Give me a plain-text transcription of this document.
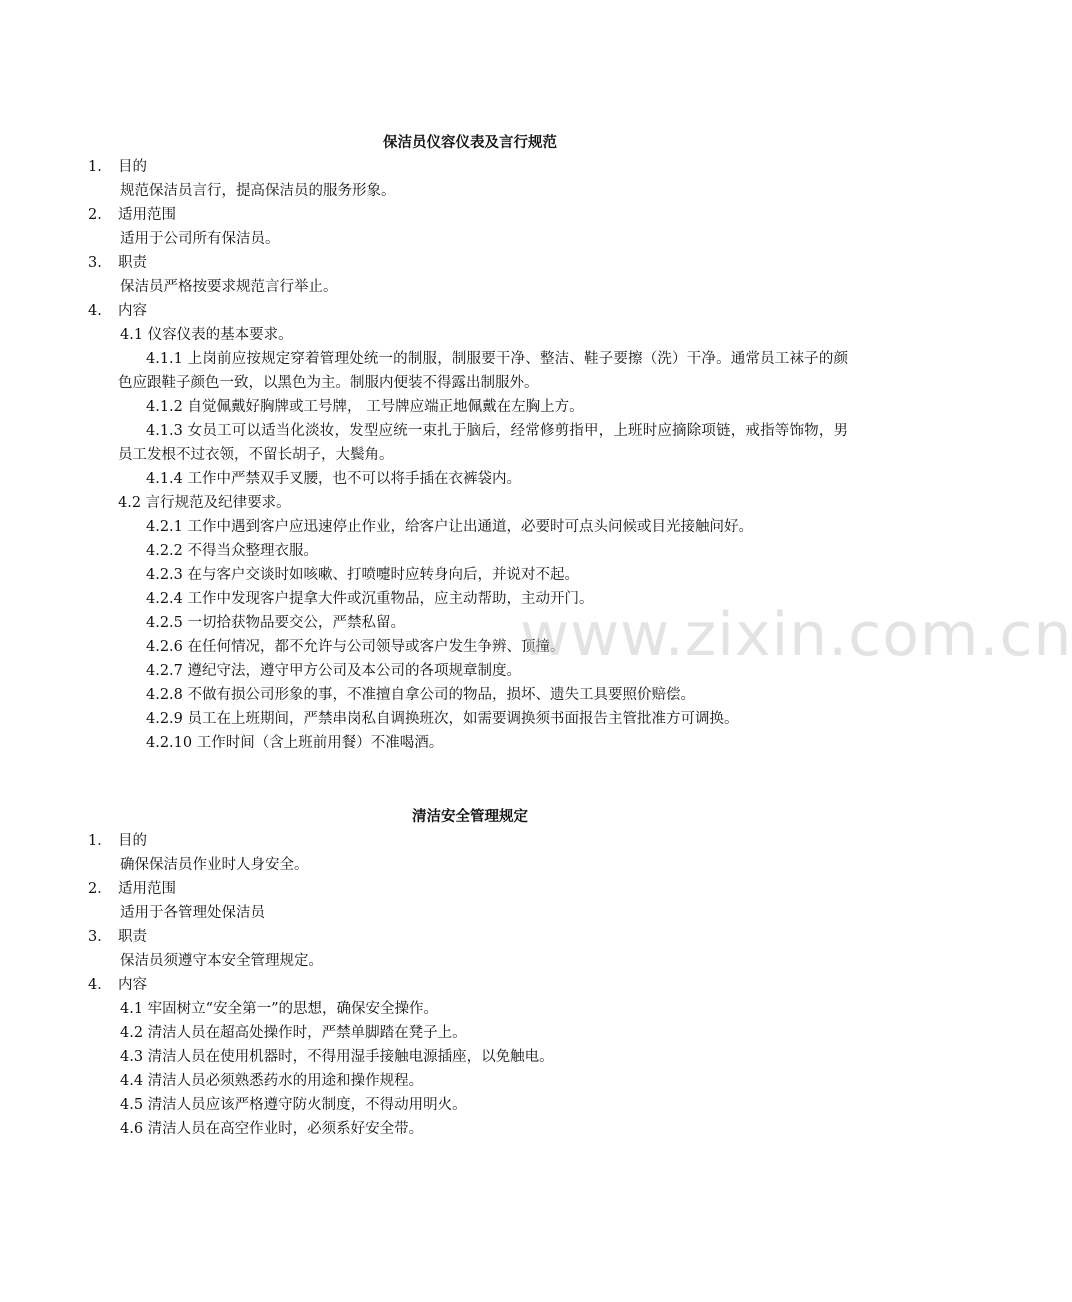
保洁员仪容仪表及言行规范
1. 目的
规范保洁员言行，提高保洁员的服务形象。
2. 适用范围
适用于公司所有保洁员。
3. 职责
保洁员严格按要求规范言行举止。
4. 内容
4.1 仪容仪表的基本要求。
4.1.1 上岗前应按规定穿着管理处统一的制服，制服要干净、整洁、鞋子要擦（洗）干净。通常员工袜子的颜色应跟鞋子颜色一致，以黑色为主。制服内便装不得露出制服外。
4.1.2 自觉佩戴好胸牌或工号牌， 工号牌应端正地佩戴在左胸上方。
4.1.3 女员工可以适当化淡妆，发型应统一束扎于脑后，经常修剪指甲，上班时应摘除项链，戒指等饰物，男员工发根不过衣领，不留长胡子，大鬓角。
4.1.4 工作中严禁双手叉腰，也不可以将手插在衣裤袋内。
4.2 言行规范及纪律要求。
4.2.1 工作中遇到客户应迅速停止作业，给客户让出通道，必要时可点头问候或目光接触问好。
4.2.2 不得当众整理衣服。
4.2.3 在与客户交谈时如咳嗽、打喷嚏时应转身向后，并说对不起。
4.2.4 工作中发现客户提拿大件或沉重物品，应主动帮助，主动开门。
4.2.5 一切拾获物品要交公，严禁私留。
4.2.6 在任何情况，都不允许与公司领导或客户发生争辨、顶撞。
4.2.7 遵纪守法，遵守甲方公司及本公司的各项规章制度。
4.2.8 不做有损公司形象的事，不准擅自拿公司的物品，损坏、遗失工具要照价赔偿。
4.2.9 员工在上班期间，严禁串岗私自调换班次，如需要调换须书面报告主管批准方可调换。
4.2.10 工作时间（含上班前用餐）不准喝酒。
清洁安全管理规定
1． 目的
确保保洁员作业时人身安全。
2． 适用范围
适用于各管理处保洁员
3． 职责
保洁员须遵守本安全管理规定。
4． 内容
4.1 牢固树立“安全第一”的思想，确保安全操作。
4.2 清洁人员在超高处操作时，严禁单脚踏在凳子上。
4.3 清洁人员在使用机器时，不得用湿手接触电源插座，以免触电。
4.4 清洁人员必须熟悉药水的用途和操作规程。
4.5 清洁人员应该严格遵守防火制度，不得动用明火。
4.6 清洁人员在高空作业时，必须系好安全带。
www.zixin.com.cn
